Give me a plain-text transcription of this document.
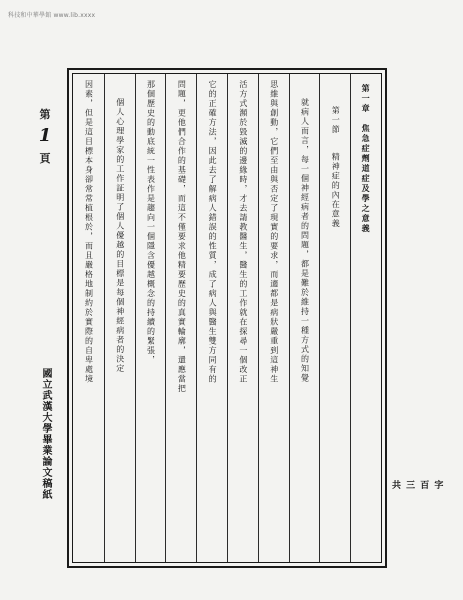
科技和中華學館 www.lib.xxxx
第
1
頁
國立武漢大學畢業論文稿紙	共 三 百 字
第一章　焦急症劑道症及學之意義
第一節精神症的內在意義
就病人而言，每一個神經病者的問題，都是難於維持一種方式的知覺
思維與創動，它們至由與否定了現實的要求，而適都是病狀嚴重到這神生
活方式瀕於毀滅的邊緣時，才去請教醫生，醫生的工作就在探尋一個改正
它的正確方法，因此去了解病人錯誤的性質，成了病人與醫生雙方同有的
問題，更他們合作的基礎，而這不僅要求他精要歷史的真實輪廓，還應當把
那個歷史的動底統一性表作是趨向一個隱含優越概念的持續的緊張，
個人心理學家的工作証明了個人優越的目標是每個神經病者的決定
因素，但是這目標本身卻常常植根於，而且嚴格地制約於實際的自卑處境
